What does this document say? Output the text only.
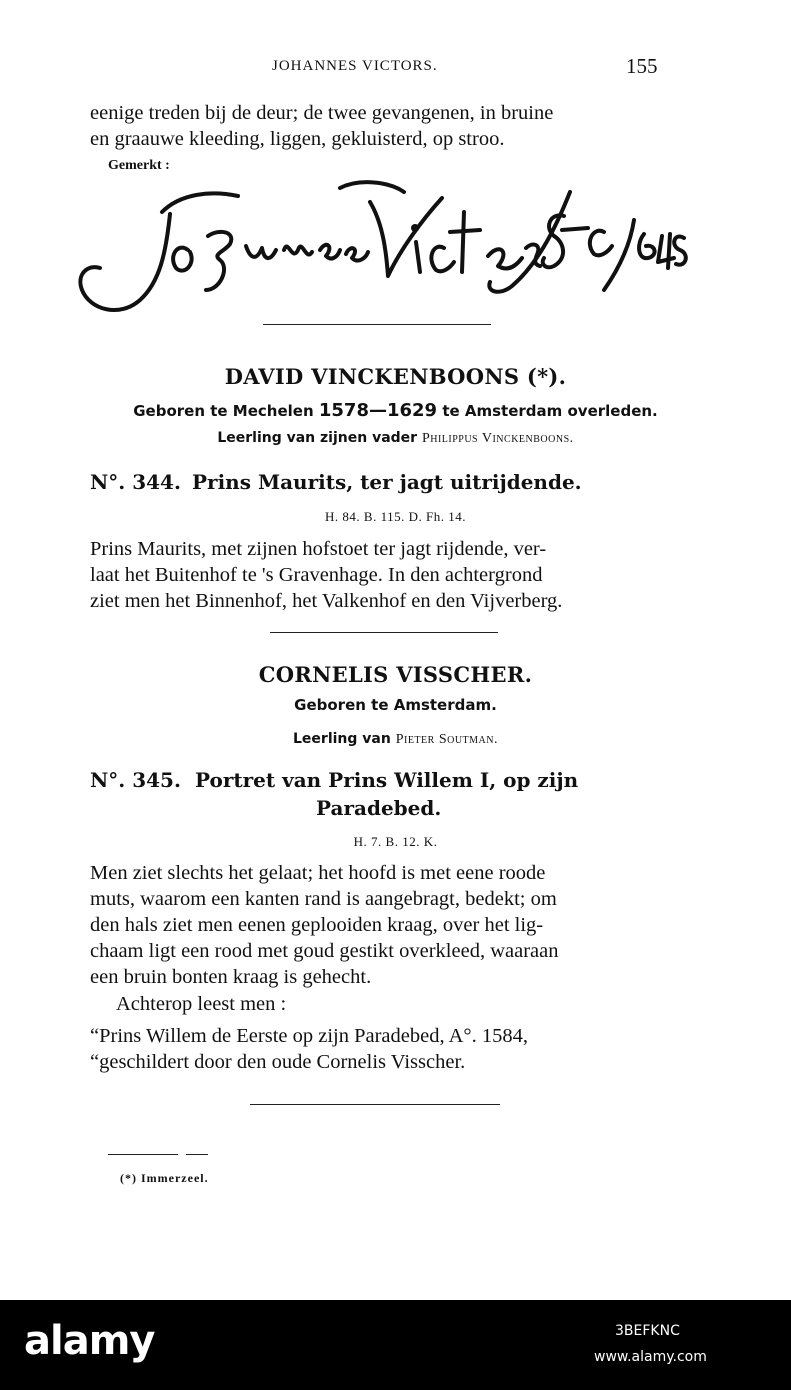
JOHANNES VICTORS.	155
eenige treden bij de deur; de twee gevangenen, in bruine
en graauwe kleeding, liggen, gekluisterd, op stroo.
Gemerkt :
Johannes Victors fc 1648.
DAVID VINCKENBOONS (*).
Geboren te Mechelen 1578—1629 te Amsterdam overleden.
Leerling van zijnen vader Philippus Vinckenboons.
N°. 344. Prins Maurits, ter jagt uitrijdende.
H. 84. B. 115. D. Fh. 14.
Prins Maurits, met zijnen hofstoet ter jagt rijdende, ver-
laat het Buitenhof te 's Gravenhage. In den achtergrond
ziet men het Binnenhof, het Valkenhof en den Vijverberg.
CORNELIS VISSCHER.
Geboren te Amsterdam.
Leerling van Pieter Soutman.
N°. 345. Portret van Prins Willem I, op zijn
Paradebed.
H. 7. B. 12. K.
Men ziet slechts het gelaat; het hoofd is met eene roode
muts, waarom een kanten rand is aangebragt, bedekt; om
den hals ziet men eenen geplooiden kraag, over het lig-
chaam ligt een rood met goud gestikt overkleed, waaraan
een bruin bonten kraag is gehecht.
Achterop leest men :
“Prins Willem de Eerste op zijn Paradebed, A°. 1584,
“geschildert door den oude Cornelis Visscher.
(*) Immerzeel.
alamy	3BEFKNC
www.alamy.com
